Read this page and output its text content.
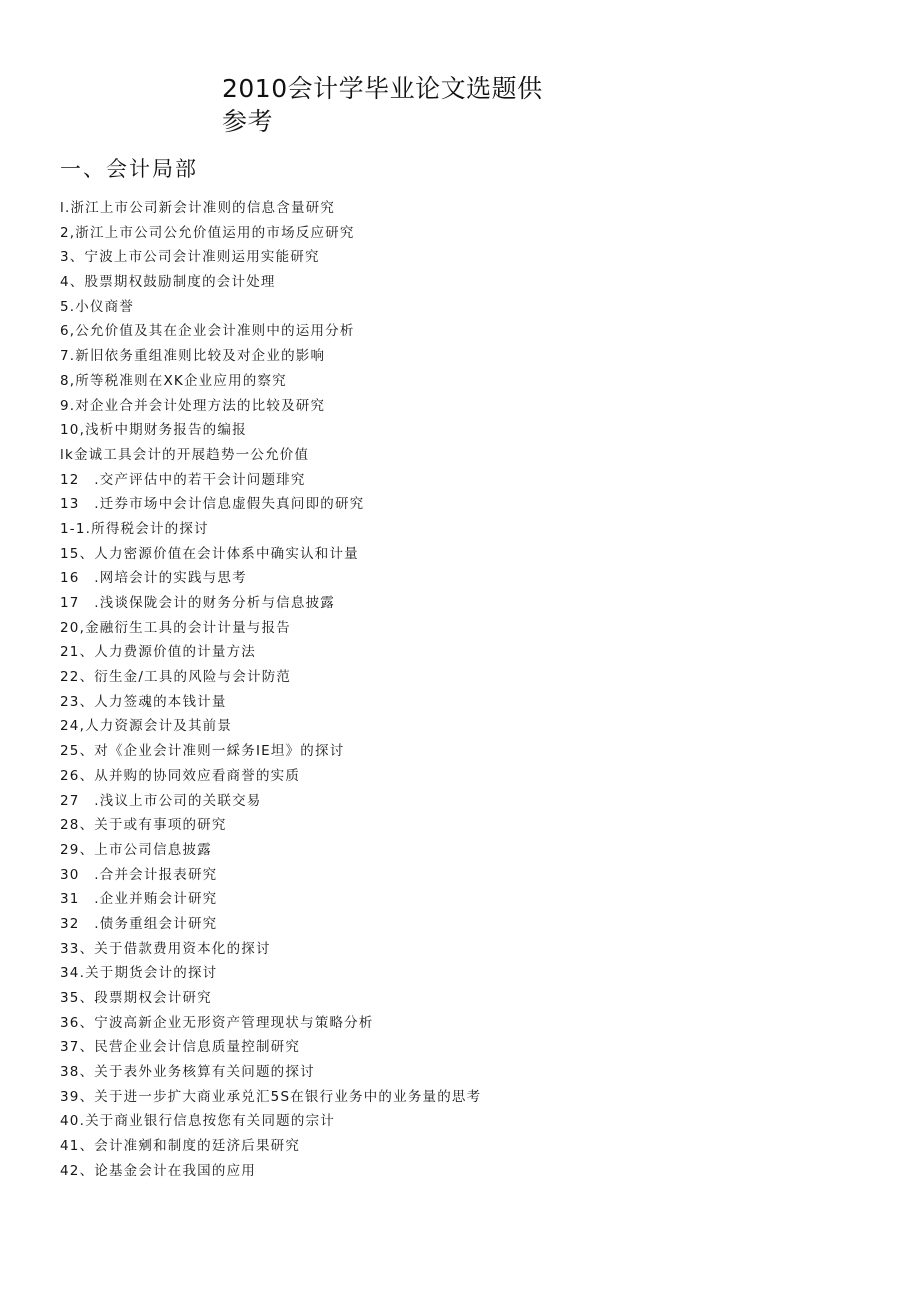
2010会计学毕业论文选题供参考
一、会计局部
l.浙江上市公司新会计准则的信息含量研究
2,浙江上市公司公允价值运用的市场反应研究
3、宁波上市公司会计准则运用实能研究
4、股票期权鼓励制度的会计处理
5.小仪商誉
6,公允价值及其在企业会计准则中的运用分析
7.新旧依务重组准则比较及对企业的影响
8,所等税准则在XK企业应用的察究
9.对企业合并会计处理方法的比较及研究
10,浅析中期财务报告的编报
lk金诚工具会计的开展趋势一公允价值
12　.交产评估中的若干会计问题琲究
13　.迁券市场中会计信息虚假失真问即的研究
1-1.所得税会计的探讨
15、人力密源价值在会计体系中确实认和计量
16　.网培会计的实践与思考
17　.浅谈保陇会计的财务分析与信息披露
20,金融衍生工具的会计计量与报告
21、人力费源价值的计量方法
22、衍生金/工具的风险与会计防范
23、人力签魂的本钱计量
24,人力资源会计及其前景
25、对《企业会计准则一綵务IE坦》的探讨
26、从并购的协同效应看商誉的实质
27　.浅议上市公司的关联交易
28、关于或有事项的研究
29、上市公司信息披露
30　.合并会计报表研究
31　.企业并贿会计研究
32　.债务重组会计研究
33、关于借款费用资本化的探讨
34.关于期货会计的探讨
35、段票期权会计研究
36、宁波高新企业无形资产管理现状与策略分析
37、民营企业会计信息质量控制研究
38、关于表外业务核算有关问题的探讨
39、关于进一步扩大商业承兑汇5S在银行业务中的业务量的思考
40.关于商业银行信息按您有关同题的宗计
41、会计准剜和制度的廷济后果研究
42、论基金会计在我国的应用
